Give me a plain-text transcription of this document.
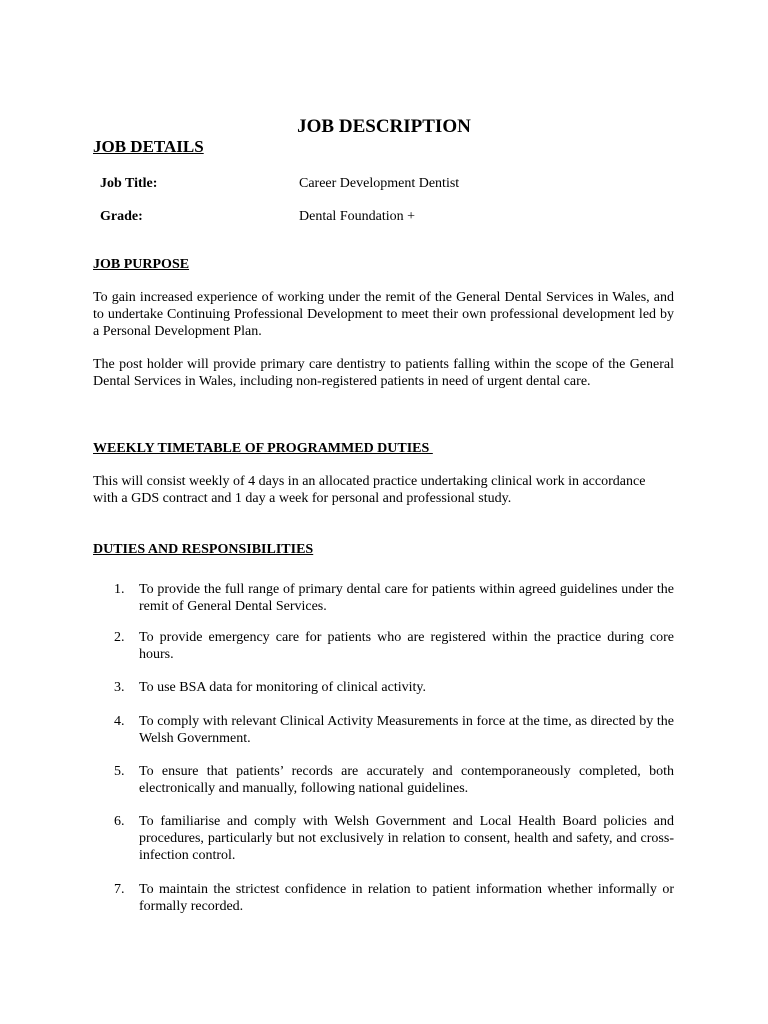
JOB DESCRIPTION
JOB DETAILS
Job Title:	Career Development Dentist
Grade:	Dental Foundation +
JOB PURPOSE
To gain increased experience of working under the remit of the General Dental Services in Wales, and to undertake Continuing Professional Development to meet their own professional development led by a Personal Development Plan.
The post holder will provide primary care dentistry to patients falling within the scope of the General Dental Services in Wales, including non-registered patients in need of urgent dental care.
WEEKLY TIMETABLE OF PROGRAMMED DUTIES
This will consist weekly of 4 days in an allocated practice undertaking clinical work in accordance with a GDS contract and 1 day a week for personal and professional study.
DUTIES AND RESPONSIBILITIES
1.	To provide the full range of primary dental care for patients within agreed guidelines under the remit of General Dental Services.
2.	To provide emergency care for patients who are registered within the practice during core hours.
3.	To use BSA data for monitoring of clinical activity.
4.	To comply with relevant Clinical Activity Measurements in force at the time, as directed by the Welsh Government.
5.	To ensure that patients’ records are accurately and contemporaneously completed, both electronically and manually, following national guidelines.
6.	To familiarise and comply with Welsh Government and Local Health Board policies and procedures, particularly but not exclusively in relation to consent, health and safety, and cross-infection control.
7.	To maintain the strictest confidence in relation to patient information whether informally or formally recorded.
